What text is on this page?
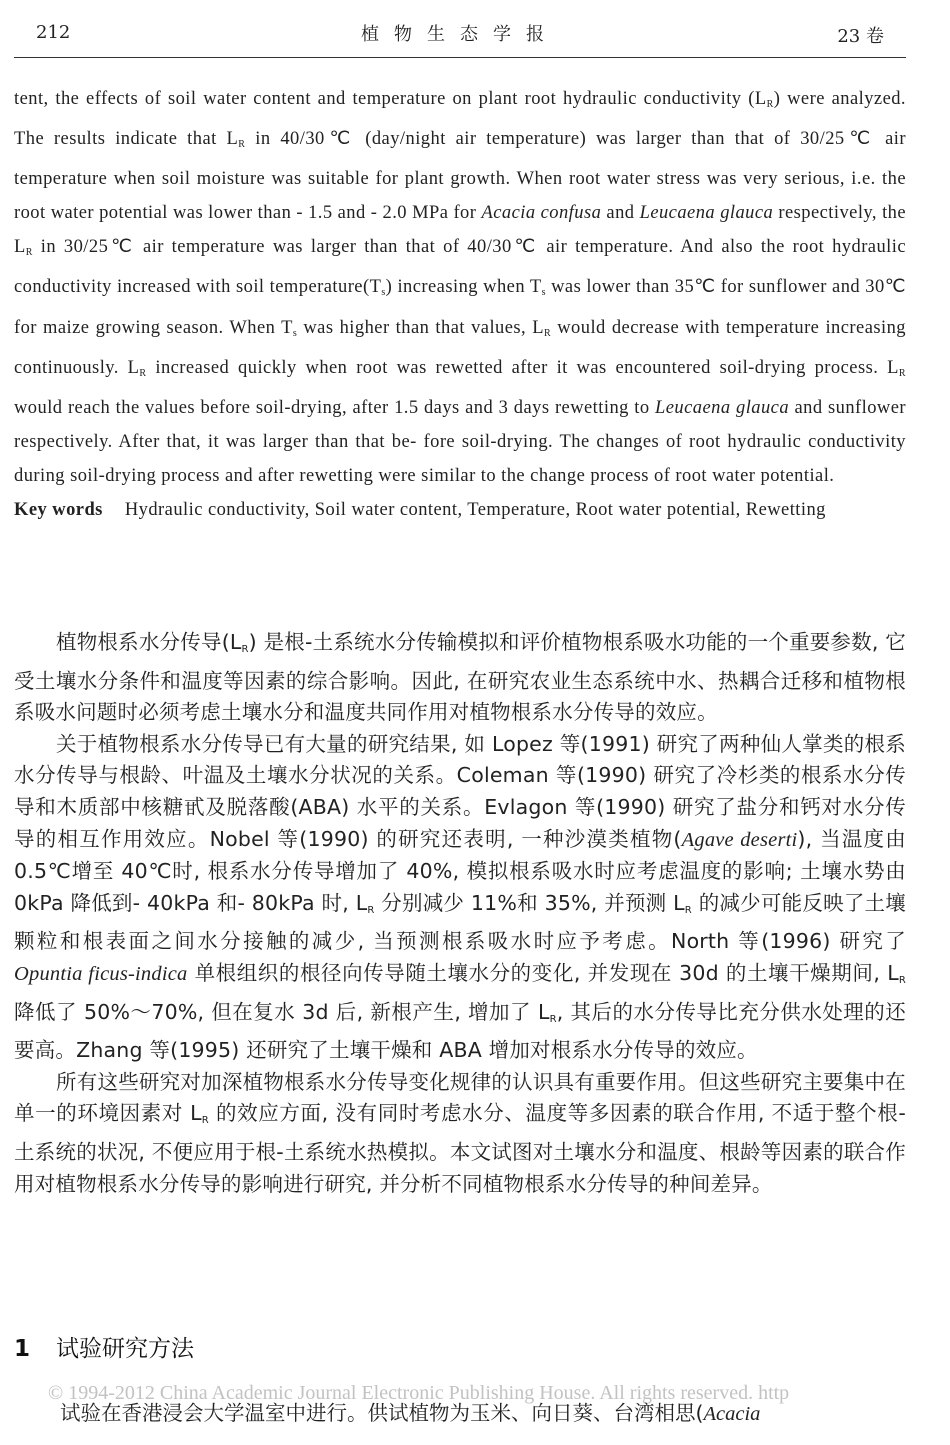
212	植物生态学报	23 卷

tent, the effects of soil water content and temperature on plant root hydraulic conductivity $(L_R)$ were analyzed. The results indicate that $L_R$ in 40/30℃ (day/night air temperature) was larger than that of 30/25℃ air temperature when soil moisture was suitable for plant growth. When root water stress was very serious, i.e. the root water potential was lower than - 1.5 and - 2.0 MPa for Acacia confusa and Leucaena glauca respectively, the $L_R$ in 30/25℃ air temperature was larger than that of 40/30℃ air temperature. And also the root hydraulic conductivity increased with soil $temperature(T_s)$ increasing when $T_s$ was lower than 35℃ for sunflower and 30℃ for maize growing season. When $T_s$ was higher than that values, $L_R$ would decrease with temperature increasing continuously. $L_R$ increased quickly when root was rewetted after it was encountered soil-drying process. $L_R$ would reach the values before soil-drying, after 1.5 days and 3 days rewetting to Leucaena glauca and sunflower respectively. After that, it was larger than that be- fore soil-drying. The changes of root hydraulic conductivity during soil-drying process and after rewetting were similar to the change process of root water potential.

Key words Hydraulic conductivity, Soil water content, Temperature, Root water potential, Rewetting

植物根系水分传导$(L_R)$ 是根-土系统水分传输模拟和评价植物根系吸水功能的一个重要参数, 它受土壤水分条件和温度等因素的综合影响。因此, 在研究农业生态系统中水、热耦合迁移和植物根系吸水问题时必须考虑土壤水分和温度共同作用对植物根系水分传导的效应。

关于植物根系水分传导已有大量的研究结果, 如 Lopez 等(1991) 研究了两种仙人掌类的根系水分传导与根龄、叶温及土壤水分状况的关系。Coleman 等(1990) 研究了冷杉类的根系水分传导和木质部中核糖甙及脱落酸(ABA) 水平的关系。Evlagon 等(1990) 研究了盐分和钙对水分传导的相互作用效应。Nobel 等(1990) 的研究还表明, 一种沙漠类植物(Agave deserti), 当温度由 0.5℃增至 40℃时, 根系水分传导增加了 40%, 模拟根系吸水时应考虑温度的影响; 土壤水势由 0kPa 降低到- 40kPa 和- 80kPa 时, $L_R$ 分别减少 11%和 35%, 并预测 $L_R$ 的减少可能反映了土壤颗粒和根表面之间水分接触的减少, 当预测根系吸水时应予考虑。North 等(1996) 研究了 Opuntia ficus-indica 单根组织的根径向传导随土壤水分的变化, 并发现在 30d 的土壤干燥期间, $L_R$ 降低了 50%～70%, 但在复水 3d 后, 新根产生, 增加了 $L_R$, 其后的水分传导比充分供水处理的还要高。Zhang 等(1995) 还研究了土壤干燥和 ABA 增加对根系水分传导的效应。

所有这些研究对加深植物根系水分传导变化规律的认识具有重要作用。但这些研究主要集中在单一的环境因素对 $L_R$ 的效应方面, 没有同时考虑水分、温度等多因素的联合作用, 不适于整个根-土系统的状况, 不便应用于根-土系统水热模拟。本文试图对土壤水分和温度、根龄等因素的联合作用对植物根系水分传导的影响进行研究, 并分析不同植物根系水分传导的种间差异。

1 试验研究方法
© 1994-2012 China Academic Journal Electronic Publishing House. All rights reserved. http
试验在香港浸会大学温室中进行。供试植物为玉米、向日葵、台湾相思(Acacia
